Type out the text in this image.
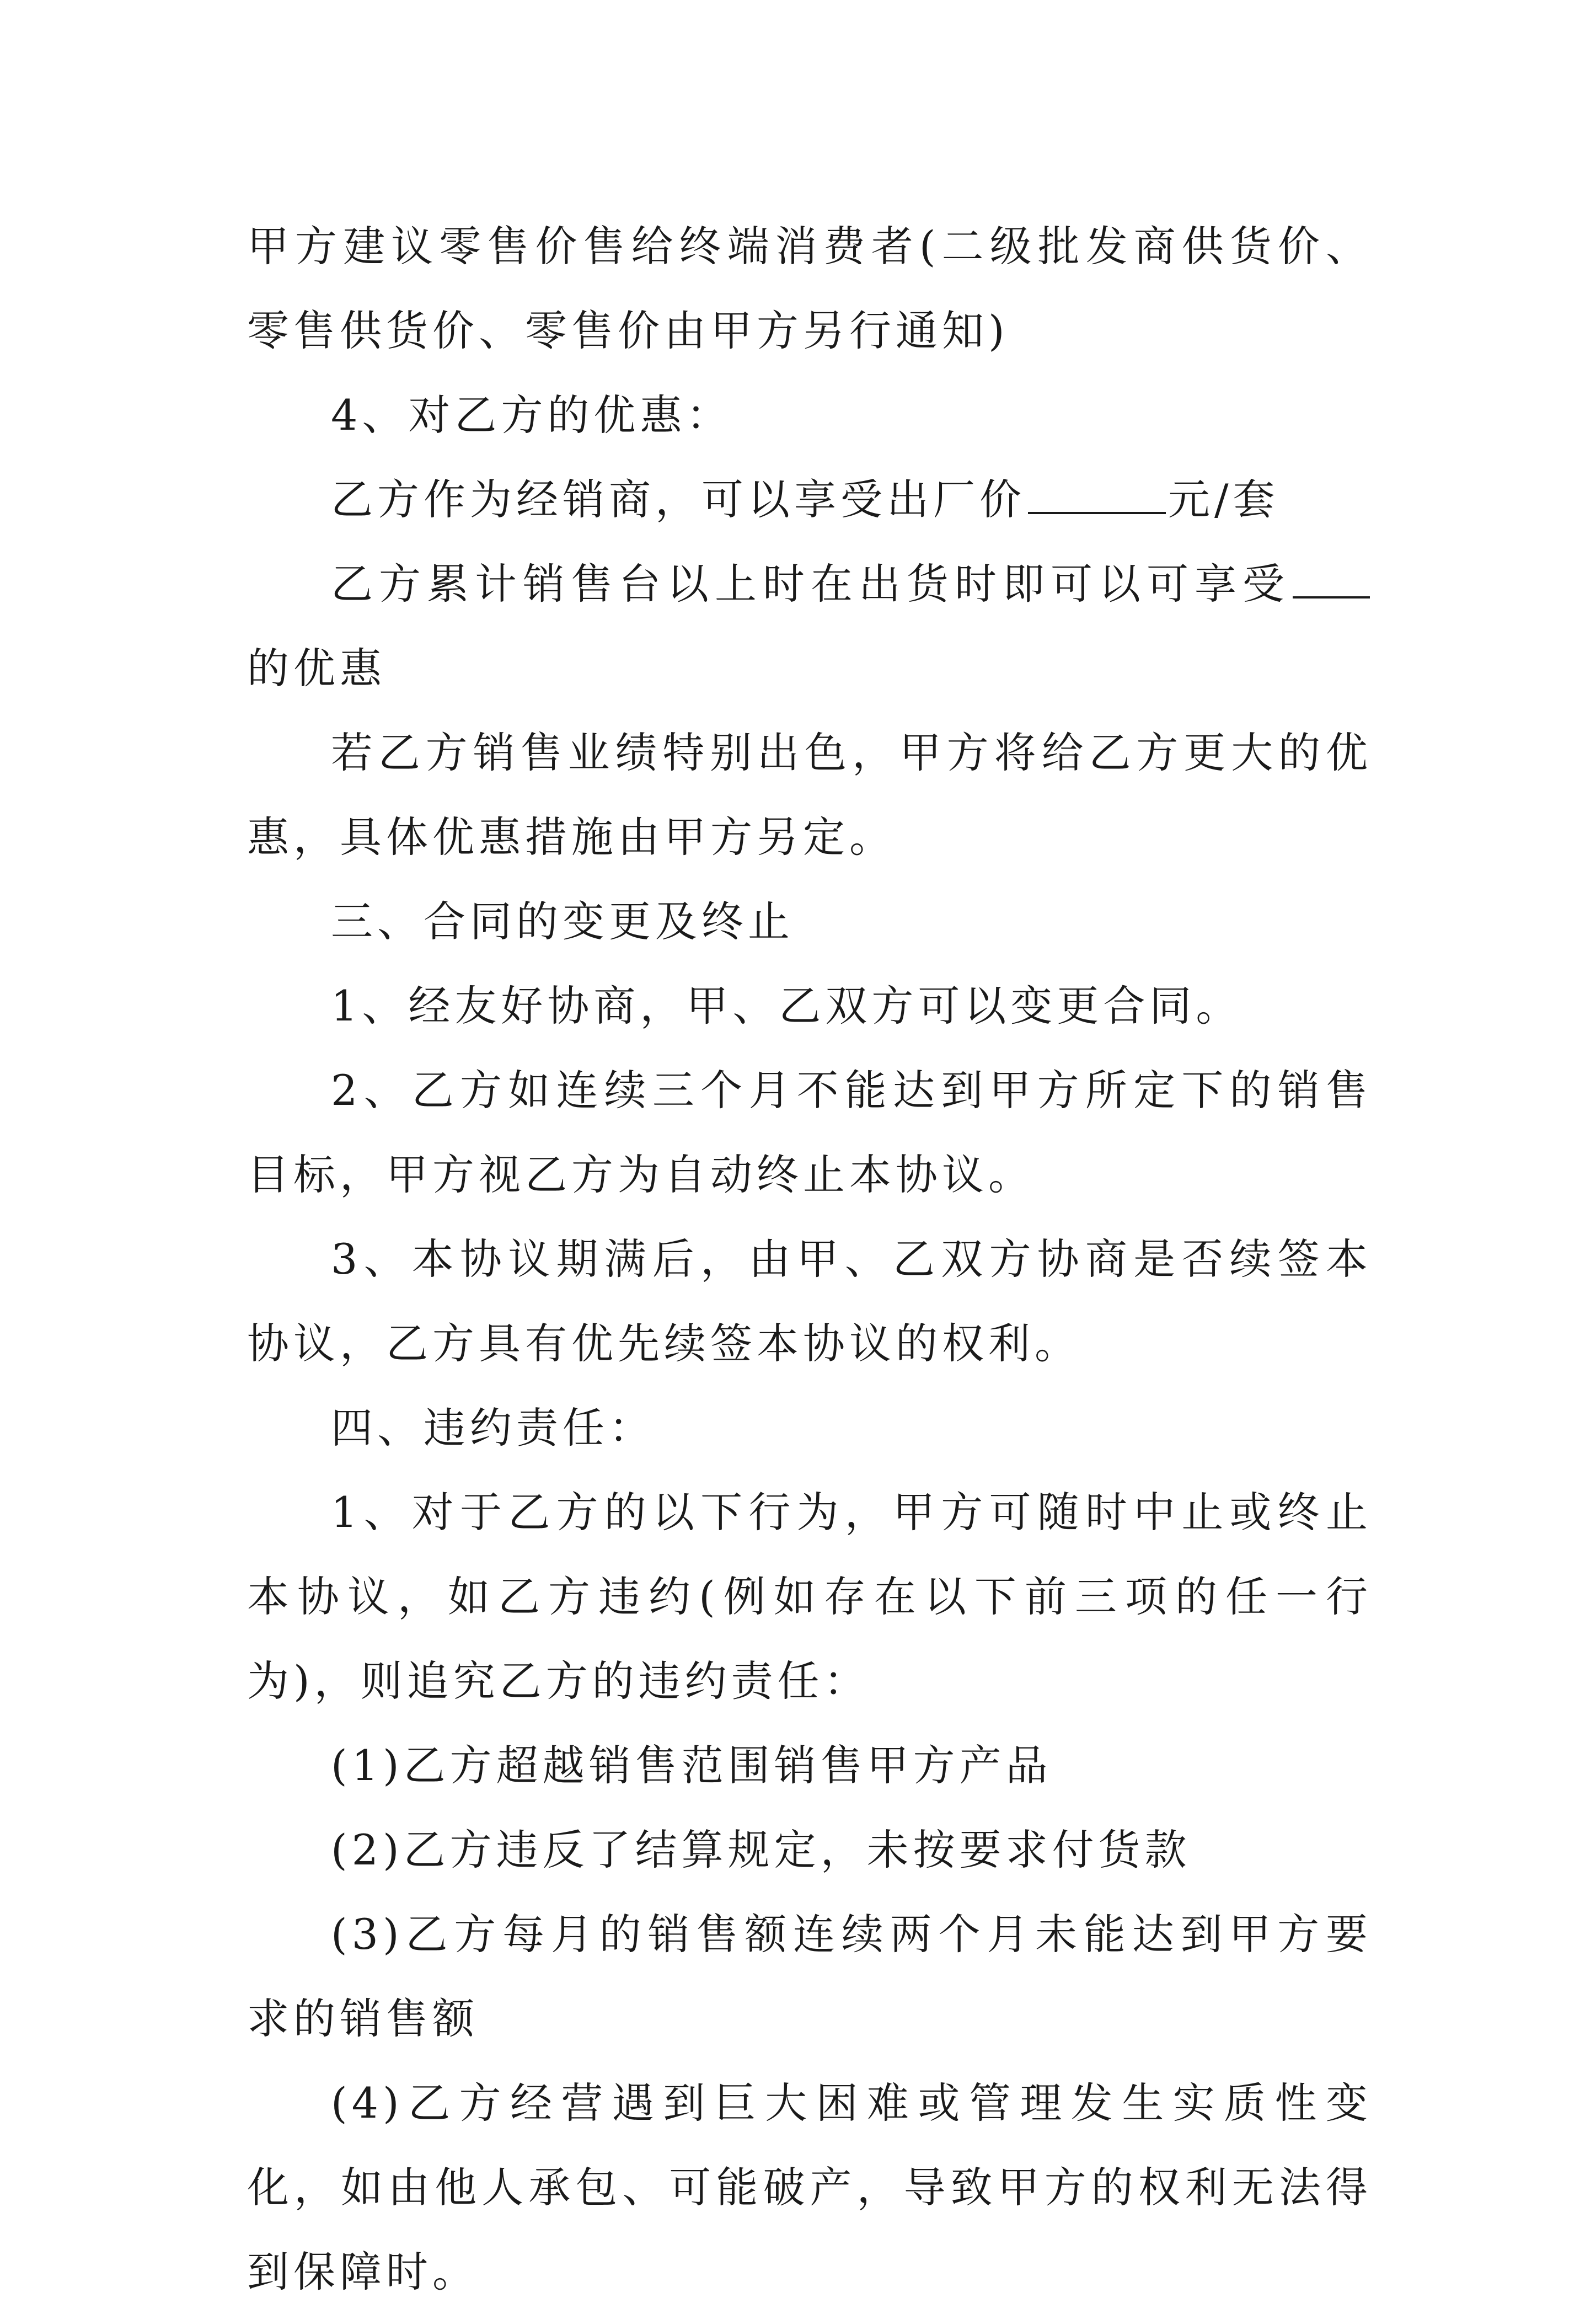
甲方建议零售价售给终端消费者(二级批发商供货价、零售供货价、零售价由甲方另行通知)

4、对乙方的优惠：

乙方作为经销商，可以享受出厂价	元/套

乙方累计销售台以上时在出货时即可以可享受的优惠

若乙方销售业绩特别出色，甲方将给乙方更大的优惠，具体优惠措施由甲方另定。

三、合同的变更及终止

1、经友好协商，甲、乙双方可以变更合同。

2、乙方如连续三个月不能达到甲方所定下的销售目标，甲方视乙方为自动终止本协议。

3、本协议期满后，由甲、乙双方协商是否续签本协议，乙方具有优先续签本协议的权利。

四、违约责任：

1、对于乙方的以下行为，甲方可随时中止或终止本协议，如乙方违约(例如存在以下前三项的任一行为)，则追究乙方的违约责任：

(1)乙方超越销售范围销售甲方产品

(2)乙方违反了结算规定，未按要求付货款

(3)乙方每月的销售额连续两个月未能达到甲方要求的销售额

(4)乙方经营遇到巨大困难或管理发生实质性变化，如由他人承包、可能破产，导致甲方的权利无法得到保障时。
